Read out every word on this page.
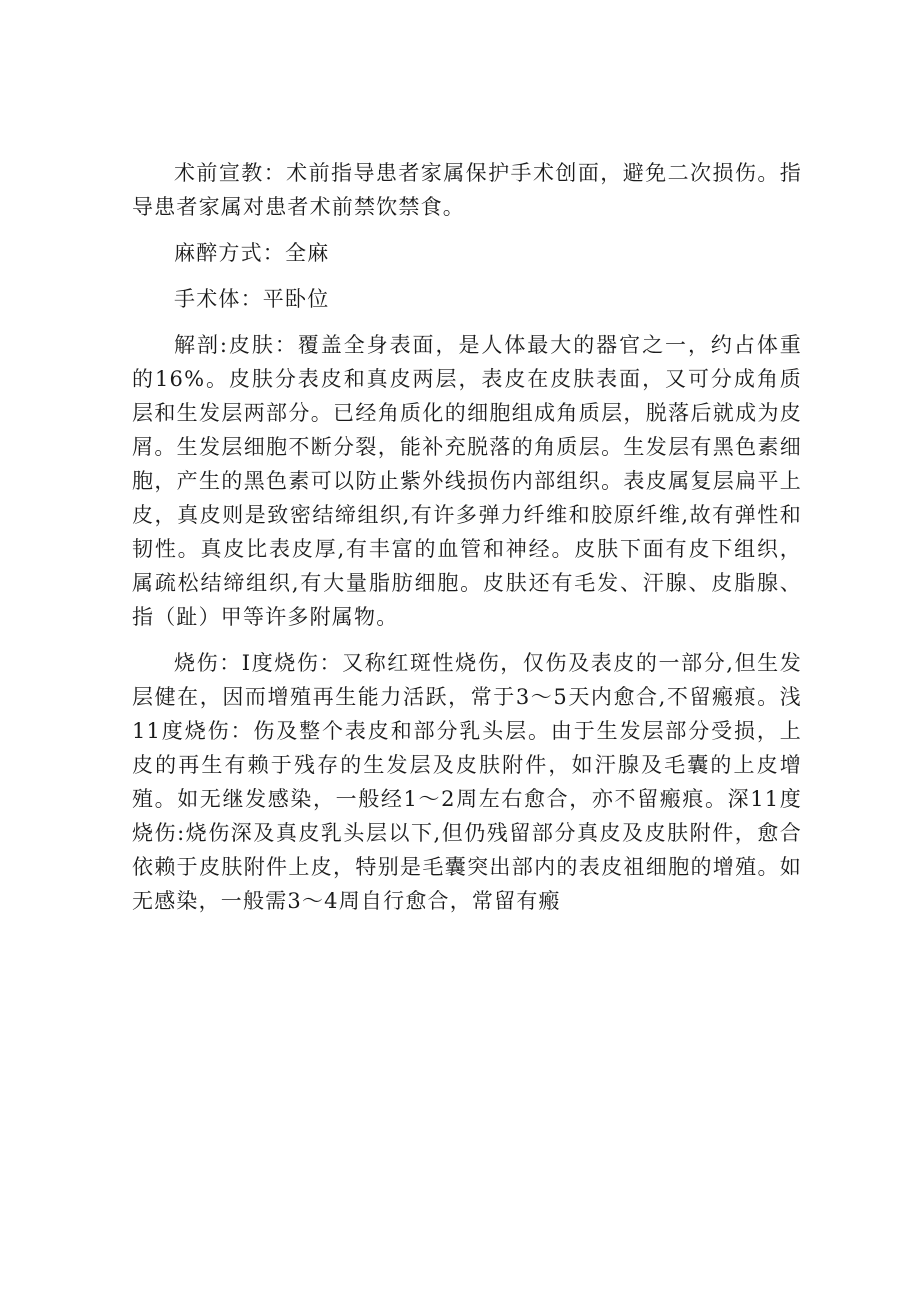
术前宣教：术前指导患者家属保护手术创面，避免二次损伤。指导患者家属对患者术前禁饮禁食。

麻醉方式：全麻

手术体：平卧位

解剖:皮肤：覆盖全身表面，是人体最大的器官之一，约占体重的16%。皮肤分表皮和真皮两层，表皮在皮肤表面，又可分成角质层和生发层两部分。已经角质化的细胞组成角质层，脱落后就成为皮屑。生发层细胞不断分裂，能补充脱落的角质层。生发层有黑色素细胞，产生的黑色素可以防止紫外线损伤内部组织。表皮属复层扁平上皮，真皮则是致密结缔组织,有许多弹力纤维和胶原纤维,故有弹性和韧性。真皮比表皮厚,有丰富的血管和神经。皮肤下面有皮下组织，属疏松结缔组织,有大量脂肪细胞。皮肤还有毛发、汗腺、皮脂腺、指（趾）甲等许多附属物。

烧伤：I度烧伤：又称红斑性烧伤，仅伤及表皮的一部分,但生发层健在，因而增殖再生能力活跃，常于3～5天内愈合,不留瘢痕。浅11度烧伤：伤及整个表皮和部分乳头层。由于生发层部分受损，上皮的再生有赖于残存的生发层及皮肤附件，如汗腺及毛囊的上皮增殖。如无继发感染，一般经1～2周左右愈合，亦不留瘢痕。深11度烧伤:烧伤深及真皮乳头层以下,但仍残留部分真皮及皮肤附件，愈合依赖于皮肤附件上皮，特别是毛囊突出部内的表皮祖细胞的增殖。如无感染，一般需3～4周自行愈合，常留有瘢
